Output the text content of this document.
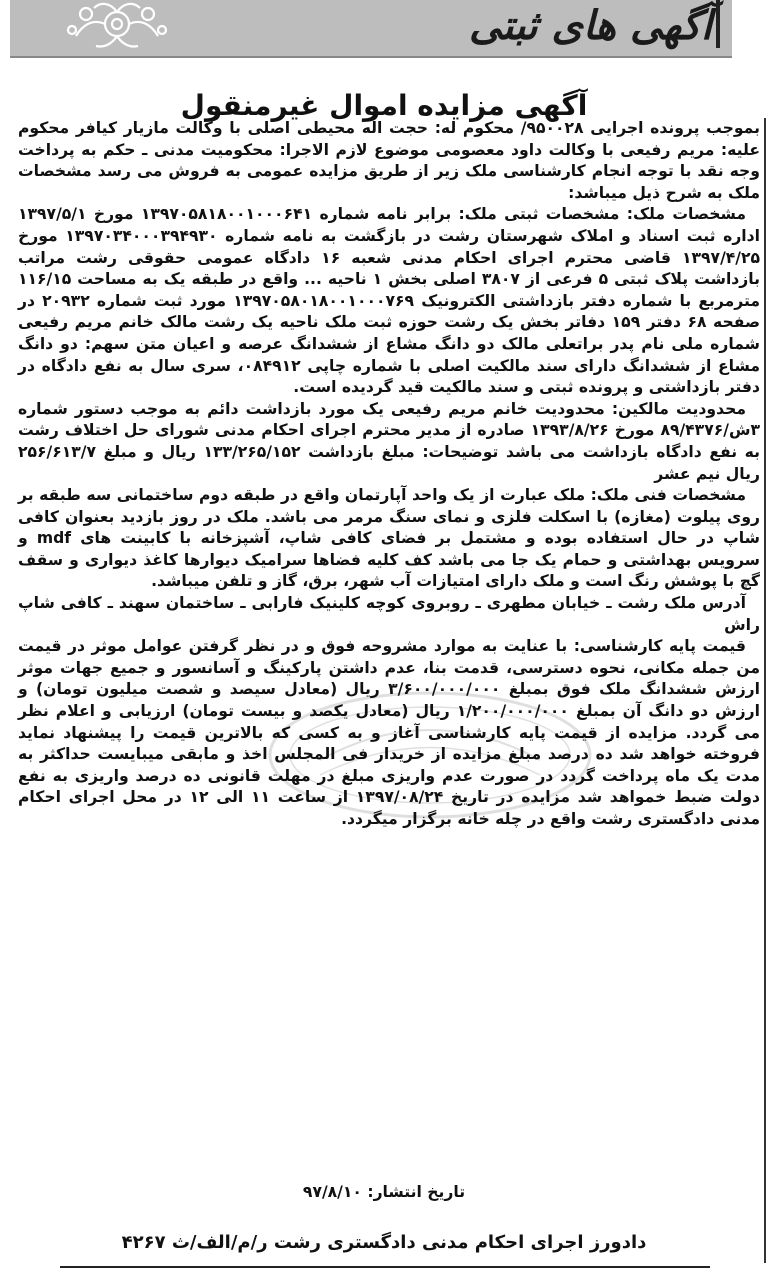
آگهی های ثبتی
آگهی مزایده اموال غیرمنقول

بموجب پرونده اجرایی ۹۵۰۰۲۸/ محکوم له: حجت اله محیطی اصلی با وکالت مازیار کیافر محکوم علیه: مریم رفیعی با وکالت داود معصومی موضوع لازم الاجرا: محکومیت مدنی ـ حکم به پرداخت وجه نقد با توجه انجام کارشناسی ملک زیر از طریق مزایده عمومی به فروش می رسد مشخصات ملک به شرح ذیل میباشد:

مشخصات ملک: مشخصات ثبتی ملک: برابر نامه شماره ۱۳۹۷۰۵۸۱۸۰۰۱۰۰۰۶۴۱ مورخ ۱۳۹۷/۵/۱ اداره ثبت اسناد و املاک شهرستان رشت در بازگشت به نامه شماره ۱۳۹۷۰۳۴۰۰۰۳۹۴۹۳۰ مورخ ۱۳۹۷/۴/۲۵ قاضی محترم اجرای احکام مدنی شعبه ۱۶ دادگاه عمومی حقوقی رشت مراتب بازداشت پلاک ثبتی ۵ فرعی از ۳۸۰۷ اصلی بخش ۱ ناحیه ... واقع در طبقه یک به مساحت ۱۱۶/۱۵ مترمربع با شماره دفتر بازداشتی الکترونیک ۱۳۹۷۰۵۸۰۱۸۰۰۱۰۰۰۷۶۹ مورد ثبت شماره ۲۰۹۳۲ در صفحه ۶۸ دفتر ۱۵۹ دفاتر بخش یک رشت حوزه ثبت ملک ناحیه یک رشت مالک خانم مریم رفیعی شماره ملی نام پدر براتعلی مالک دو دانگ مشاع از ششدانگ عرصه و اعیان متن سهم: دو دانگ مشاع از ششدانگ دارای سند مالکیت اصلی با شماره چاپی ۰۸۴۹۱۲، سری سال به نفع دادگاه در دفتر بازداشتی و پرونده ثبتی و سند مالکیت قید گردیده است.

محدودیت مالکین: محدودیت خانم مریم رفیعی یک مورد بازداشت دائم به موجب دستور شماره ۳ش/۸۹/۴۳۷۶ مورخ ۱۳۹۳/۸/۲۶ صادره از مدیر محترم اجرای احکام مدنی شورای حل اختلاف رشت به نفع دادگاه بازداشت می باشد توضیحات: مبلغ بازداشت ۱۳۳/۲۶۵/۱۵۲ ریال و مبلغ ۲۵۶/۶۱۳/۷ ریال نیم عشر

مشخصات فنی ملک: ملک عبارت از یک واحد آپارتمان واقع در طبقه دوم ساختمانی سه طبقه بر روی پیلوت (مغازه) با اسکلت فلزی و نمای سنگ مرمر می باشد. ملک در روز بازدید بعنوان کافی شاپ در حال استفاده بوده و مشتمل بر فضای کافی شاپ، آشپزخانه با کابینت های mdf و سرویس بهداشتی و حمام یک جا می باشد کف کلیه فضاها سرامیک دیوارها کاغذ دیواری و سقف گچ با پوشش رنگ است و ملک دارای امتیازات آب شهر، برق، گاز و تلفن میباشد.

آدرس ملک رشت ـ خیابان مطهری ـ روبروی کوچه کلینیک فارابی ـ ساختمان سهند ـ کافی شاپ راش

قیمت پایه کارشناسی: با عنایت به موارد مشروحه فوق و در نظر گرفتن عوامل موثر در قیمت من جمله مکانی، نحوه دسترسی، قدمت بنا، عدم داشتن پارکینگ و آسانسور و جمیع جهات موثر ارزش ششدانگ ملک فوق بمبلغ ۳/۶۰۰/۰۰۰/۰۰۰ ریال (معادل سیصد و شصت میلیون تومان) و ارزش دو دانگ آن بمبلغ ۱/۲۰۰/۰۰۰/۰۰۰ ریال (معادل یکصد و بیست تومان) ارزیابی و اعلام نظر می گردد. مزایده از قیمت پایه کارشناسی آغاز و به کسی که بالاترین قیمت را پیشنهاد نماید فروخته خواهد شد ده درصد مبلغ مزایده از خریدار فی المجلس اخذ و مابقی میبایست حداکثر به مدت یک ماه پرداخت گردد در صورت عدم واریزی مبلغ در مهلت قانونی ده درصد واریزی به نفع دولت ضبط خمواهد شد مزایده در تاریخ ۱۳۹۷/۰۸/۲۴ از ساعت ۱۱ الی ۱۲ در محل اجرای احکام مدنی دادگستری رشت واقع در چله خانه برگزار میگردد.

تاریخ انتشار: ۹۷/۸/۱۰
دادورز اجرای احکام مدنی دادگستری رشت ر/م/الف/ث ۴۲۶۷
